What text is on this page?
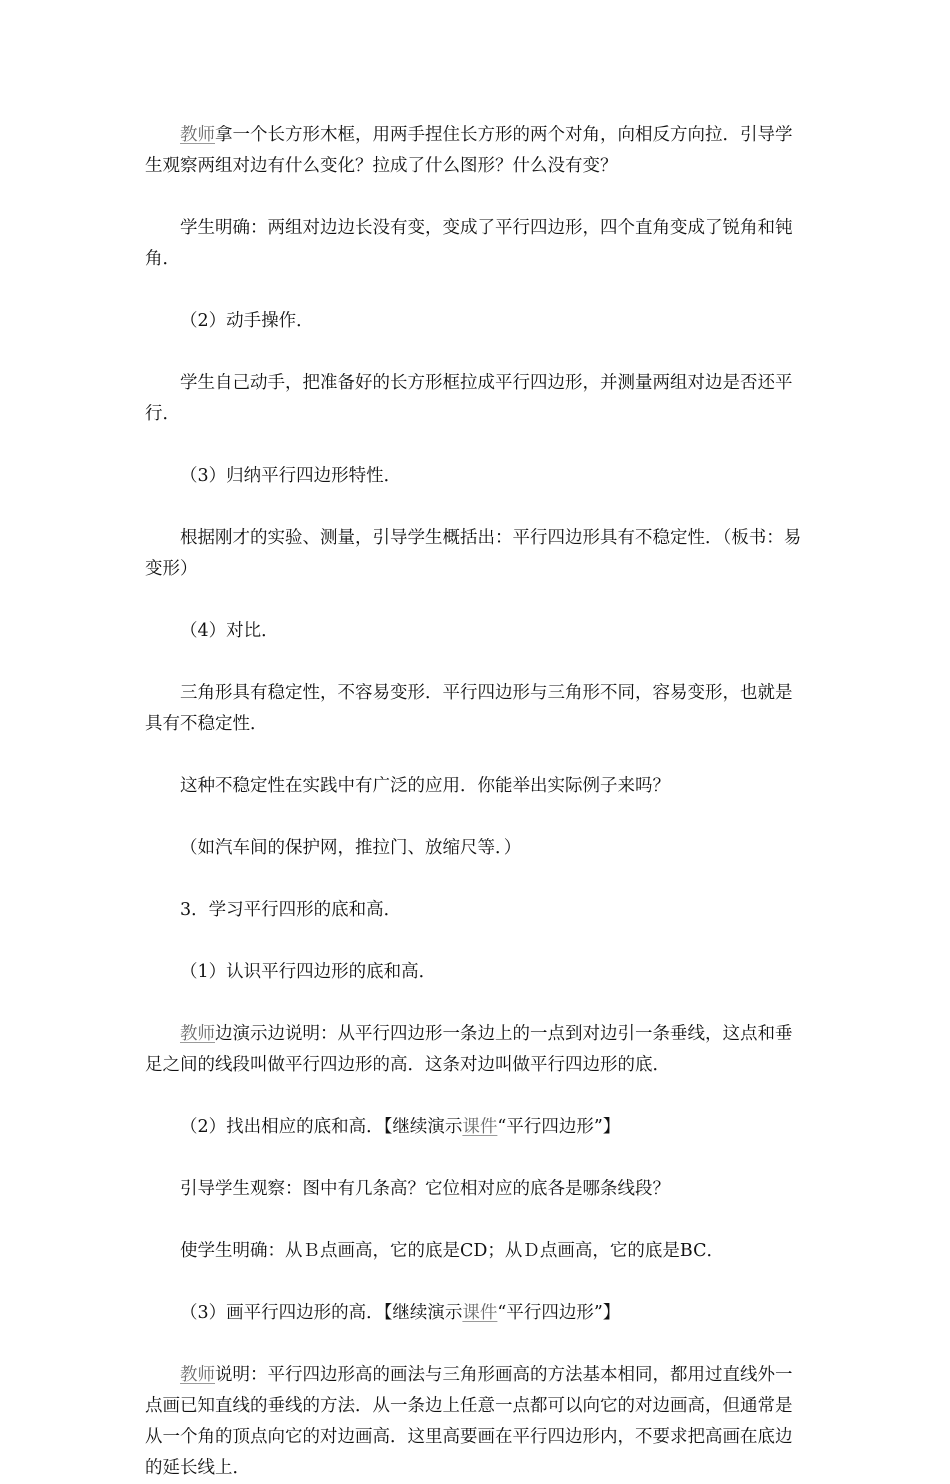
教师拿一个长方形木框，用两手捏住长方形的两个对角，向相反方向拉．引导学生观察两组对边有什么变化？拉成了什么图形？什么没有变？

学生明确：两组对边边长没有变，变成了平行四边形，四个直角变成了锐角和钝角．

（2）动手操作．

学生自己动手，把准备好的长方形框拉成平行四边形，并测量两组对边是否还平行．

（3）归纳平行四边形特性．

根据刚才的实验、测量，引导学生概括出：平行四边形具有不稳定性．（板书：易变形）

（4）对比．

三角形具有稳定性，不容易变形．平行四边形与三角形不同，容易变形，也就是具有不稳定性．

这种不稳定性在实践中有广泛的应用．你能举出实际例子来吗？

（如汽车间的保护网，推拉门、放缩尺等．）

3．学习平行四形的底和高．

（1）认识平行四边形的底和高．

教师边演示边说明：从平行四边形一条边上的一点到对边引一条垂线，这点和垂足之间的线段叫做平行四边形的高．这条对边叫做平行四边形的底．

（2）找出相应的底和高．【继续演示课件“平行四边形”】

引导学生观察：图中有几条高？它位相对应的底各是哪条线段？

使学生明确：从Ｂ点画高，它的底是CD；从Ｄ点画高，它的底是BC．

（3）画平行四边形的高．【继续演示课件“平行四边形”】

教师说明：平行四边形高的画法与三角形画高的方法基本相同，都用过直线外一点画已知直线的垂线的方法．从一条边上任意一点都可以向它的对边画高，但通常是从一个角的顶点向它的对边画高．这里高要画在平行四边形内，不要求把高画在底边的延长线上．
